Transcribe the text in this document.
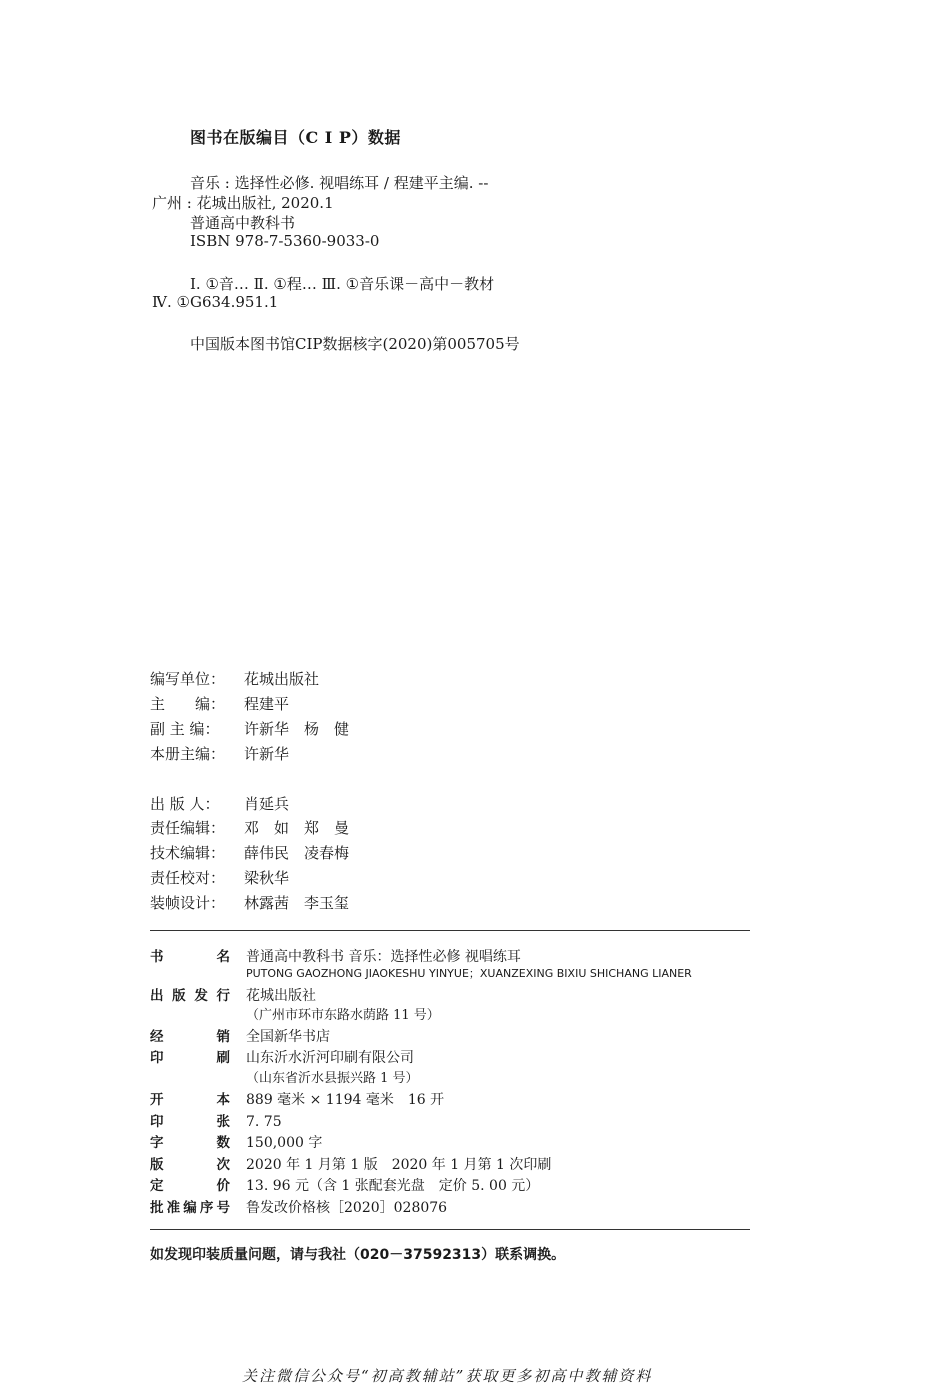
图书在版编目（C I P）数据
音乐 : 选择性必修. 视唱练耳 / 程建平主编. --
广州 : 花城出版社, 2020.1
普通高中教科书
ISBN 978-7-5360-9033-0
Ⅰ. ①音… Ⅱ. ①程… Ⅲ. ①音乐课－高中－教材
Ⅳ. ①G634.951.1
中国版本图书馆CIP数据核字(2020)第005705号
编写单位： 花城出版社
主　　编： 程建平
副 主 编： 许新华　杨　健
本册主编： 许新华
出 版 人： 肖延兵
责任编辑： 邓　如　郑　曼
技术编辑： 薛伟民　凌春梅
责任校对： 梁秋华
装帧设计： 林露茜　李玉玺
书名 普通高中教科书 音乐：选择性必修 视唱练耳
PUTONG GAOZHONG JIAOKESHU YINYUE；XUANZEXING BIXIU SHICHANG LIANER
出版发行 花城出版社
（广州市环市东路水荫路 11 号）
经销 全国新华书店
印刷 山东沂水沂河印刷有限公司
（山东省沂水县振兴路 1 号）
开本 889 毫米 × 1194 毫米　16 开
印张 7. 75
字数 150,000 字
版次 2020 年 1 月第 1 版　2020 年 1 月第 1 次印刷
定价 13. 96 元（含 1 张配套光盘　定价 5. 00 元）
批准编序号 鲁发改价格核［2020］028076
如发现印装质量问题，请与我社（020－37592313）联系调换。
关注微信公众号“初高教辅站”获取更多初高中教辅资料
